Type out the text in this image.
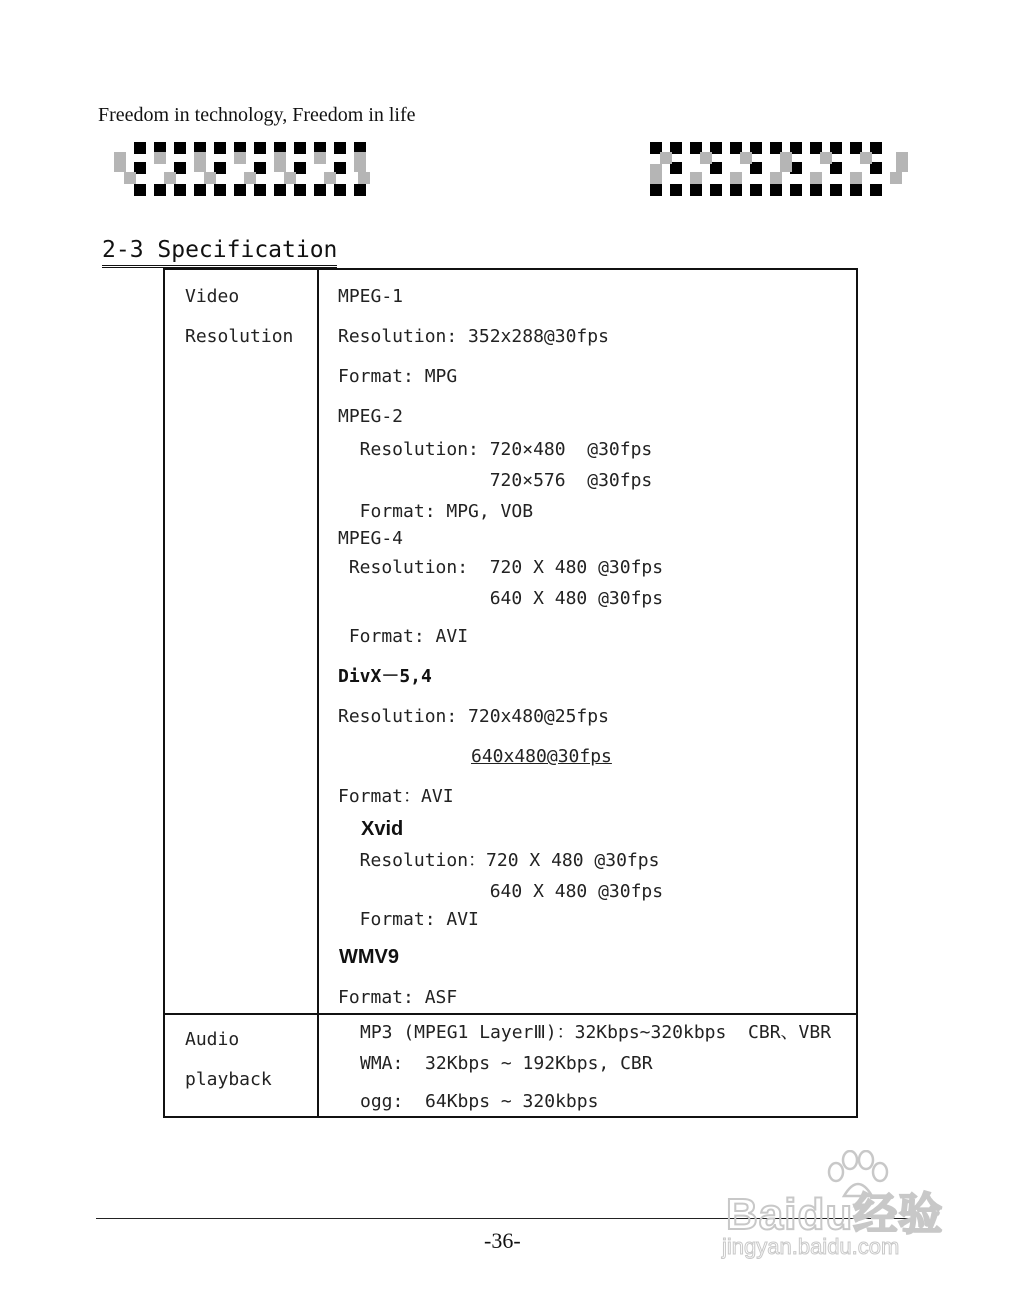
Freedom in technology, Freedom in life
2-3 Specification
Video
Resolution
MPEG-1
Resolution: 352x288@30fps
Format: MPG
MPEG-2
Resolution: 720×480  @30fps
720×576  @30fps
Format: MPG, VOB
MPEG-4
Resolution:  720 X 480 @30fps
640 X 480 @30fps
Format: AVI
DivX－5,4
Resolution: 720x480@25fps
640x480@30fps
Format：AVI
Xvid
Resolution：720 X 480 @30fps
640 X 480 @30fps
Format: AVI
WMV9
Format: ASF
Audio
playback
MP3 (MPEG1 LayerⅢ)：32Kbps~320kbps  CBR、VBR
WMA:  32Kbps ~ 192Kbps, CBR
ogg:  64Kbps ~ 320kbps
-36-
Baidu经验
jingyan.baidu.com
